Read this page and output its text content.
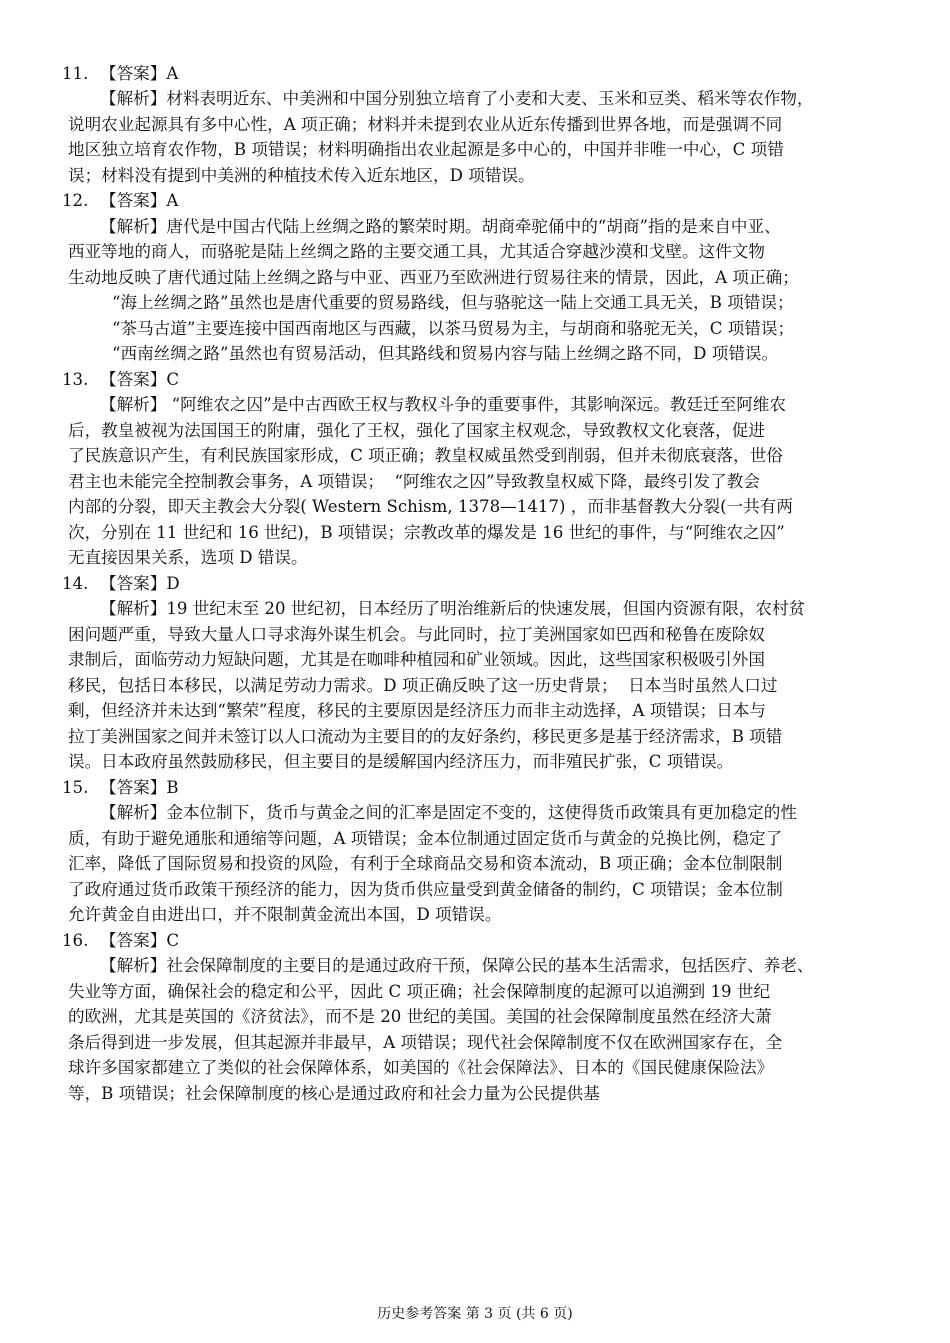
11. 【答案】A
【解析】材料表明近东、中美洲和中国分别独立培育了小麦和大麦、玉米和豆类、稻米等农作物，
说明农业起源具有多中心性，A 项正确；材料并未提到农业从近东传播到世界各地，而是强调不同
地区独立培育农作物，B 项错误；材料明确指出农业起源是多中心的，中国并非唯一中心，C 项错
误；材料没有提到中美洲的种植技术传入近东地区，D 项错误。
12. 【答案】A
【解析】唐代是中国古代陆上丝绸之路的繁荣时期。胡商牵驼俑中的“胡商”指的是来自中亚、
西亚等地的商人，而骆驼是陆上丝绸之路的主要交通工具，尤其适合穿越沙漠和戈壁。这件文物
生动地反映了唐代通过陆上丝绸之路与中亚、西亚乃至欧洲进行贸易往来的情景，因此，A 项正确；
“海上丝绸之路”虽然也是唐代重要的贸易路线，但与骆驼这一陆上交通工具无关，B 项错误；
“茶马古道”主要连接中国西南地区与西藏，以茶马贸易为主，与胡商和骆驼无关，C 项错误；
“西南丝绸之路”虽然也有贸易活动，但其路线和贸易内容与陆上丝绸之路不同，D 项错误。
13. 【答案】C
【解析】 “阿维农之囚”是中古西欧王权与教权斗争的重要事件，其影响深远。教廷迁至阿维农
后，教皇被视为法国国王的附庸，强化了王权，强化了国家主权观念，导致教权文化衰落，促进
了民族意识产生，有利民族国家形成，C 项正确；教皇权威虽然受到削弱，但并未彻底衰落，世俗
君主也未能完全控制教会事务，A 项错误；  “阿维农之囚”导致教皇权威下降，最终引发了教会
内部的分裂，即天主教会大分裂( Western Schism, 1378—1417) ，而非基督教大分裂(一共有两
次，分别在 11 世纪和 16 世纪)，B 项错误；宗教改革的爆发是 16 世纪的事件，与“阿维农之囚”
无直接因果关系，选项 D 错误。
14. 【答案】D
【解析】19 世纪末至 20 世纪初，日本经历了明治维新后的快速发展，但国内资源有限，农村贫
困问题严重，导致大量人口寻求海外谋生机会。与此同时，拉丁美洲国家如巴西和秘鲁在废除奴
隶制后，面临劳动力短缺问题，尤其是在咖啡种植园和矿业领域。因此，这些国家积极吸引外国
移民，包括日本移民，以满足劳动力需求。D 项正确反映了这一历史背景；  日本当时虽然人口过
剩，但经济并未达到“繁荣”程度，移民的主要原因是经济压力而非主动选择，A 项错误；日本与
拉丁美洲国家之间并未签订以人口流动为主要目的的友好条约，移民更多是基于经济需求，B 项错
误。日本政府虽然鼓励移民，但主要目的是缓解国内经济压力，而非殖民扩张，C 项错误。
15. 【答案】B
【解析】金本位制下，货币与黄金之间的汇率是固定不变的，这使得货币政策具有更加稳定的性
质，有助于避免通胀和通缩等问题，A 项错误；金本位制通过固定货币与黄金的兑换比例，稳定了
汇率，降低了国际贸易和投资的风险，有利于全球商品交易和资本流动，B 项正确；金本位制限制
了政府通过货币政策干预经济的能力，因为货币供应量受到黄金储备的制约，C 项错误；金本位制
允许黄金自由进出口，并不限制黄金流出本国，D 项错误。
16. 【答案】C
【解析】社会保障制度的主要目的是通过政府干预，保障公民的基本生活需求，包括医疗、养老、
失业等方面，确保社会的稳定和公平，因此 C 项正确；社会保障制度的起源可以追溯到 19 世纪
的欧洲，尤其是英国的《济贫法》，而不是 20 世纪的美国。美国的社会保障制度虽然在经济大萧
条后得到进一步发展，但其起源并非最早，A 项错误；现代社会保障制度不仅在欧洲国家存在，全
球许多国家都建立了类似的社会保障体系，如美国的《社会保障法》、日本的《国民健康保险法》
等，B 项错误；社会保障制度的核心是通过政府和社会力量为公民提供基
历史参考答案 第 3 页 (共 6 页)
